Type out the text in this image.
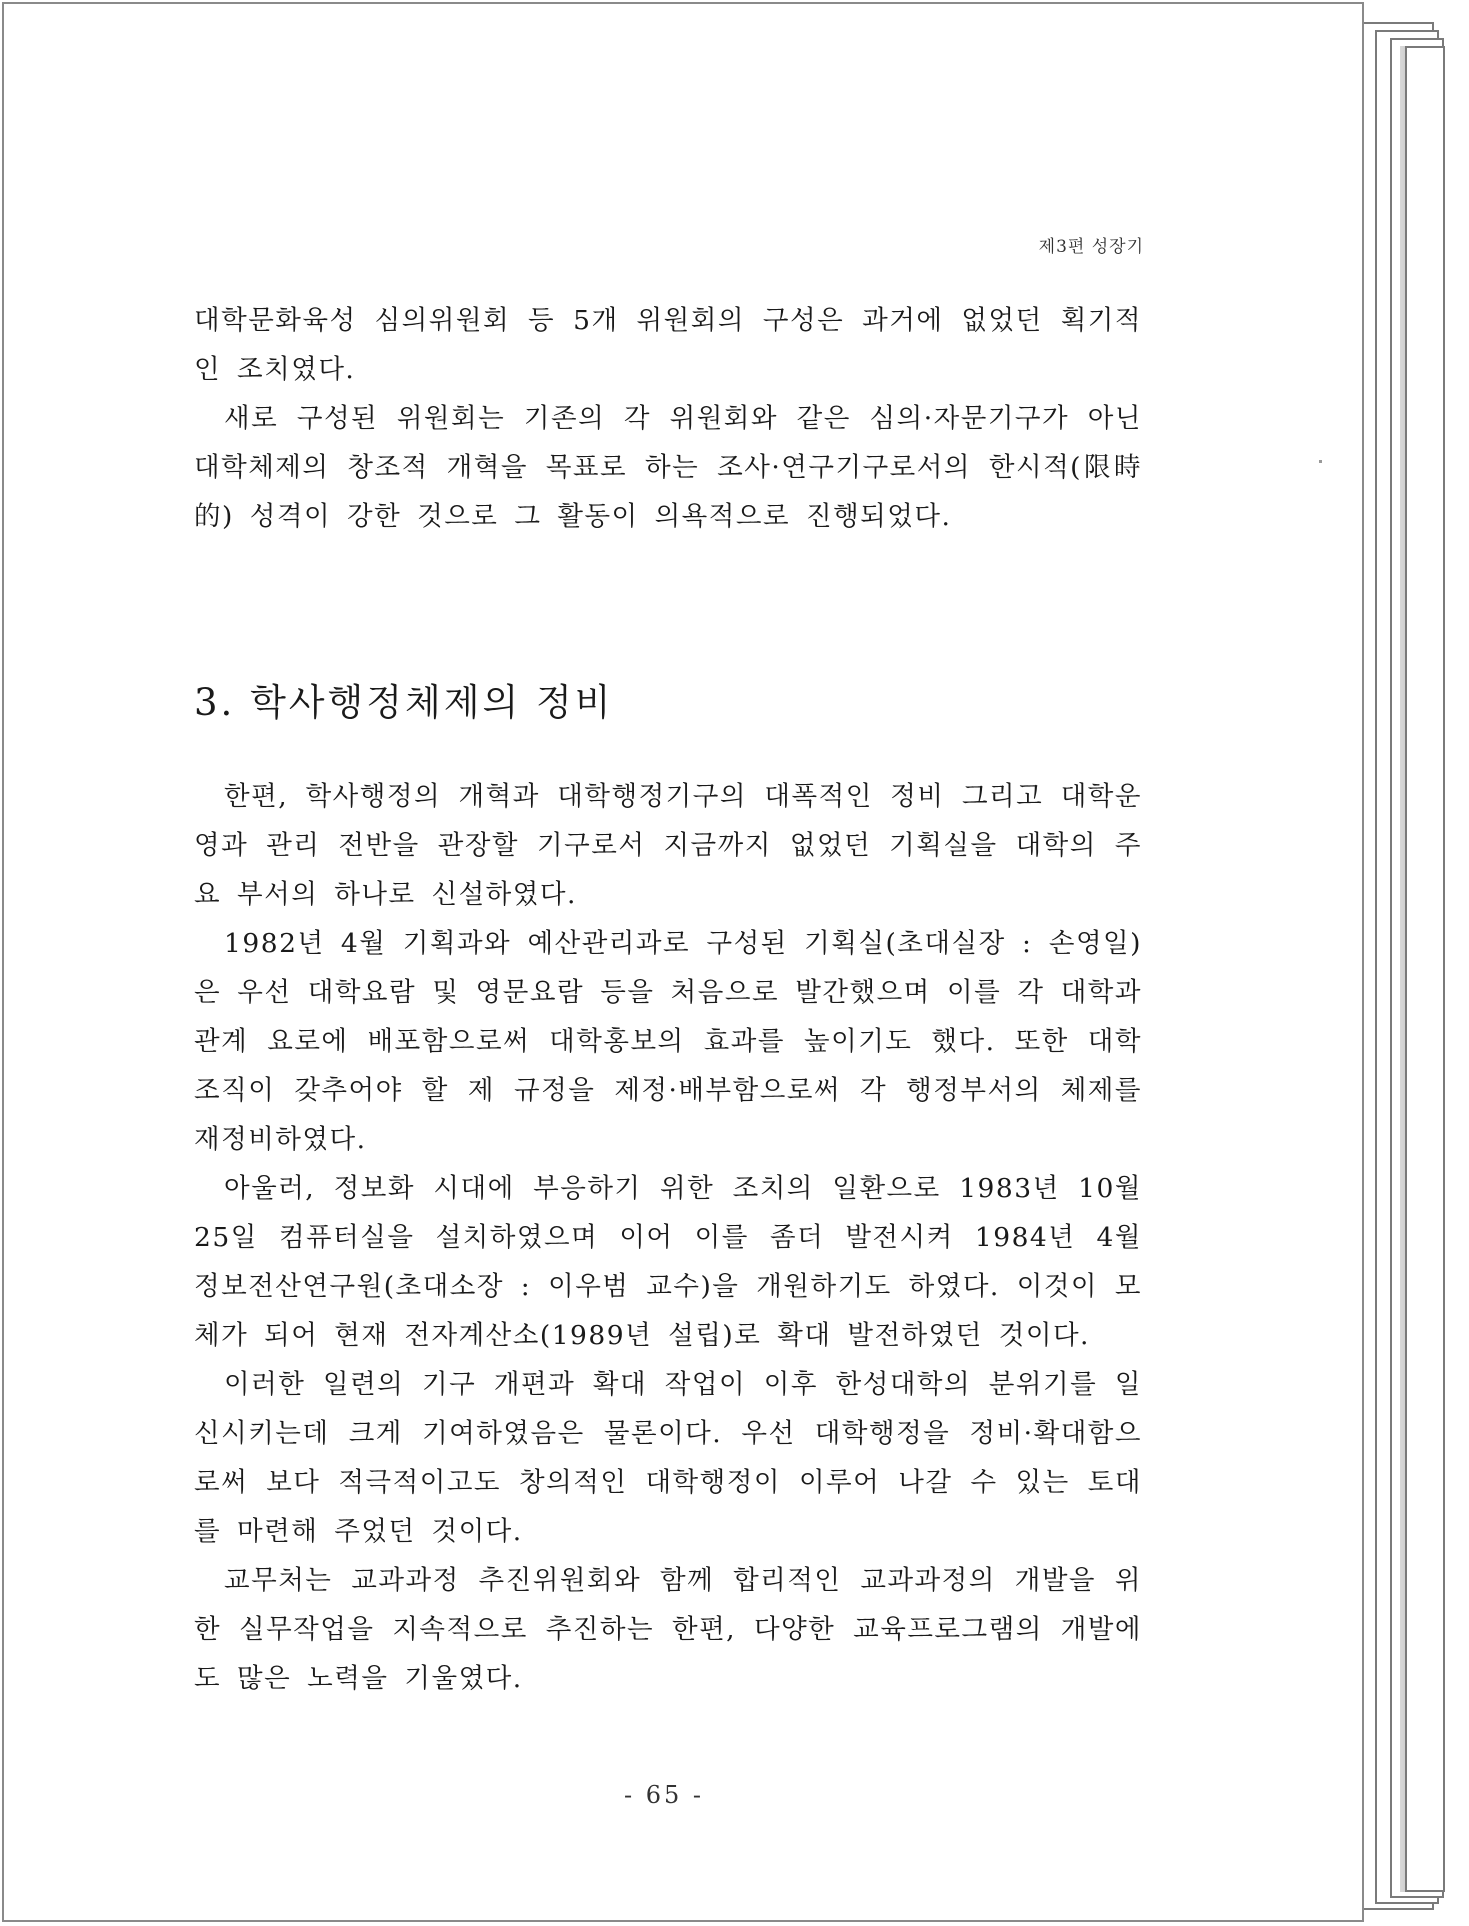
제3편 성장기

대학문화육성 심의위원회 등 5개 위원회의 구성은 과거에 없었던 획기적인 조치였다.

새로 구성된 위원회는 기존의 각 위원회와 같은 심의·자문기구가 아닌 대학체제의 창조적 개혁을 목표로 하는 조사·연구기구로서의 한시적(限時的) 성격이 강한 것으로 그 활동이 의욕적으로 진행되었다.

3. 학사행정체제의 정비

한편, 학사행정의 개혁과 대학행정기구의 대폭적인 정비 그리고 대학운영과 관리 전반을 관장할 기구로서 지금까지 없었던 기획실을 대학의 주요 부서의 하나로 신설하였다.

1982년 4월 기획과와 예산관리과로 구성된 기획실(초대실장 : 손영일)은 우선 대학요람 및 영문요람 등을 처음으로 발간했으며 이를 각 대학과 관계 요로에 배포함으로써 대학홍보의 효과를 높이기도 했다. 또한 대학조직이 갖추어야 할 제 규정을 제정·배부함으로써 각 행정부서의 체제를 재정비하였다.

아울러, 정보화 시대에 부응하기 위한 조치의 일환으로 1983년 10월 25일 컴퓨터실을 설치하였으며 이어 이를 좀더 발전시켜 1984년 4월 정보전산연구원(초대소장 : 이우범 교수)을 개원하기도 하였다. 이것이 모체가 되어 현재 전자계산소(1989년 설립)로 확대 발전하였던 것이다.

이러한 일련의 기구 개편과 확대 작업이 이후 한성대학의 분위기를 일신시키는데 크게 기여하였음은 물론이다. 우선 대학행정을 정비·확대함으로써 보다 적극적이고도 창의적인 대학행정이 이루어 나갈 수 있는 토대를 마련해 주었던 것이다.

교무처는 교과과정 추진위원회와 함께 합리적인 교과과정의 개발을 위한 실무작업을 지속적으로 추진하는 한편, 다양한 교육프로그램의 개발에도 많은 노력을 기울였다.

- 65 -
